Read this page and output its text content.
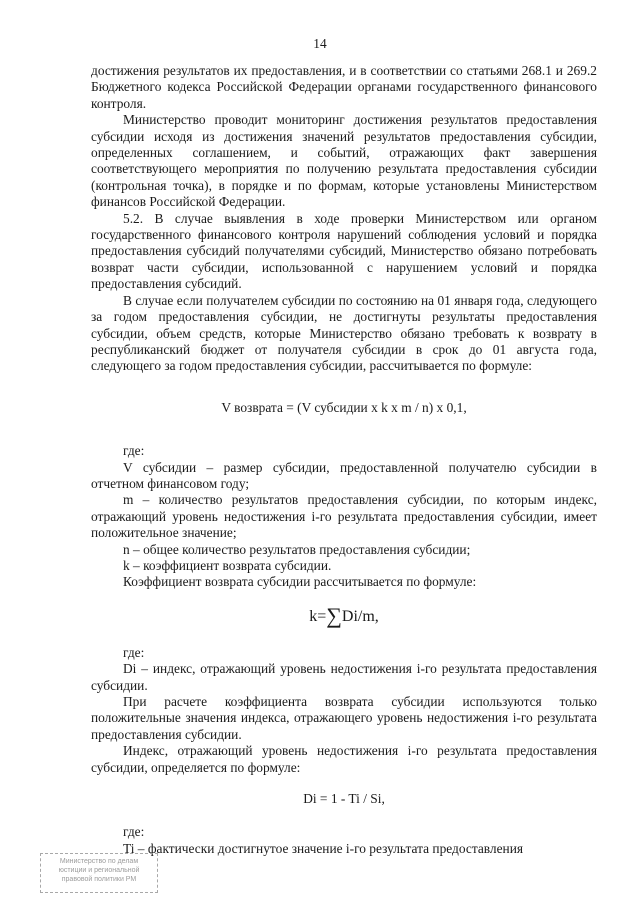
14

достижения результатов их предоставления, и в соответствии со статьями 268.1 и 269.2 Бюджетного кодекса Российской Федерации органами государственного финансового контроля.

Министерство проводит мониторинг достижения результатов предоставления субсидии исходя из достижения значений результатов предоставления субсидии, определенных соглашением, и событий, отражающих факт завершения соответствующего мероприятия по получению результата предоставления субсидии (контрольная точка), в порядке и по формам, которые установлены Министерством финансов Российской Федерации.

5.2. В случае выявления в ходе проверки Министерством или органом государственного финансового контроля нарушений соблюдения условий и порядка предоставления субсидий получателями субсидий, Министерство обязано потребовать возврат части субсидии, использованной с нарушением условий и порядка предоставления субсидий.

В случае если получателем субсидии по состоянию на 01 января года, следующего за годом предоставления субсидии, не достигнуты результаты предоставления субсидии, объем средств, которые Министерство обязано требовать к возврату в республиканский бюджет от получателя субсидии в срок до 01 августа года, следующего за годом предоставления субсидии, рассчитывается по формуле:

V возврата = (V субсидии x k x m / n) x 0,1,

где:

V субсидии – размер субсидии, предоставленной получателю субсидии в отчетном финансовом году;

m – количество результатов предоставления субсидии, по которым индекс, отражающий уровень недостижения i-го результата предоставления субсидии, имеет положительное значение;

n – общее количество результатов предоставления субсидии;

k – коэффициент возврата субсидии.

Коэффициент возврата субсидии рассчитывается по формуле:

k=∑Di/m,

где:

Di – индекс, отражающий уровень недостижения i-го результата предоставления субсидии.

При расчете коэффициента возврата субсидии используются только положительные значения индекса, отражающего уровень недостижения i-го результата предоставления субсидии.

Индекс, отражающий уровень недостижения i-го результата предоставления субсидии, определяется по формуле:

Di = 1 - Ti / Si,

где:

Ti – фактически достигнутое значение i-го результата предоставления

Министерство по делам
юстиции и региональной
правовой политики РМ
